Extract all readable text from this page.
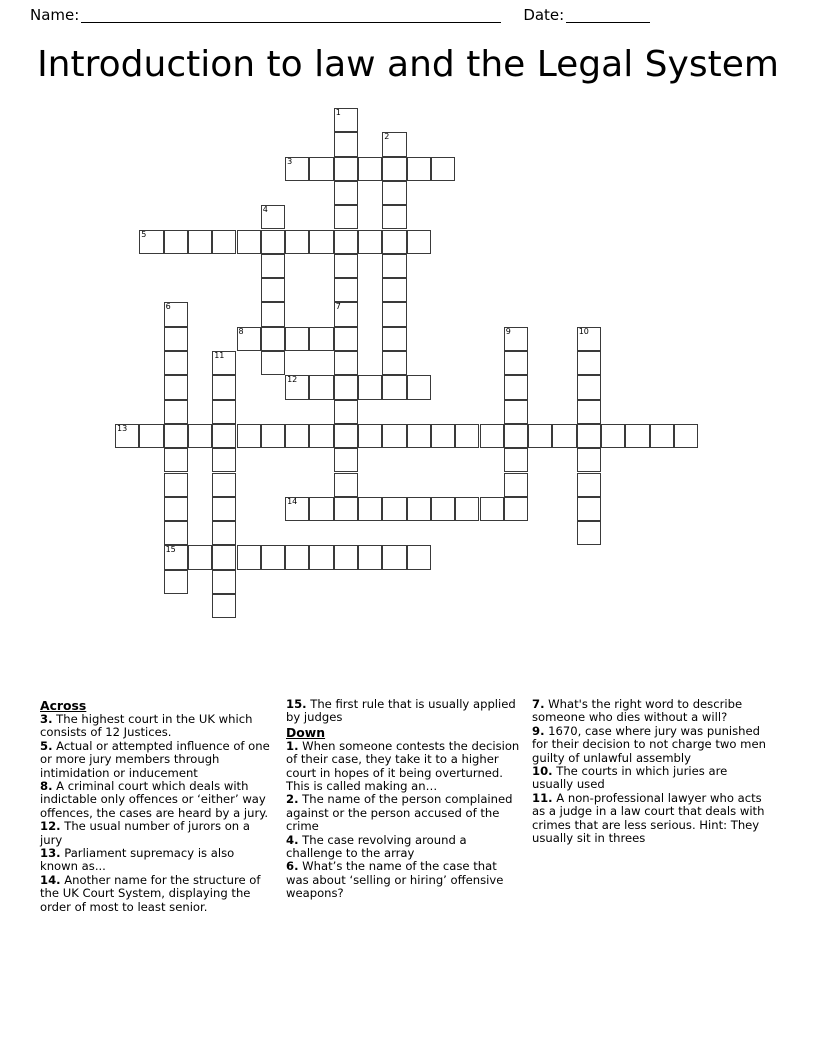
Name:	Date:
Introduction to law and the Legal System
1
2
3
4
5
6	7
8	9	10
11
12
13
14
15
Across
3. The highest court in the UK which consists of 12 Justices.
5. Actual or attempted influence of one or more jury members through intimidation or inducement
8. A criminal court which deals with indictable only offences or ‘either’ way offences, the cases are heard by a jury.
12. The usual number of jurors on a jury
13. Parliament supremacy is also known as...
14. Another name for the structure of the UK Court System, displaying the order of most to least senior.
15. The first rule that is usually applied by judges
Down
1. When someone contests the decision of their case, they take it to a higher court in hopes of it being overturned. This is called making an…
2. The name of the person complained against or the person accused of the crime
4. The case revolving around a challenge to the array
6. What’s the name of the case that was about ‘selling or hiring’ offensive weapons?
7. What's the right word to describe someone who dies without a will?
9. 1670, case where jury was punished for their decision to not charge two men guilty of unlawful assembly
10. The courts in which juries are usually used
11. A non-professional lawyer who acts as a judge in a law court that deals with crimes that are less serious. Hint: They usually sit in threes
